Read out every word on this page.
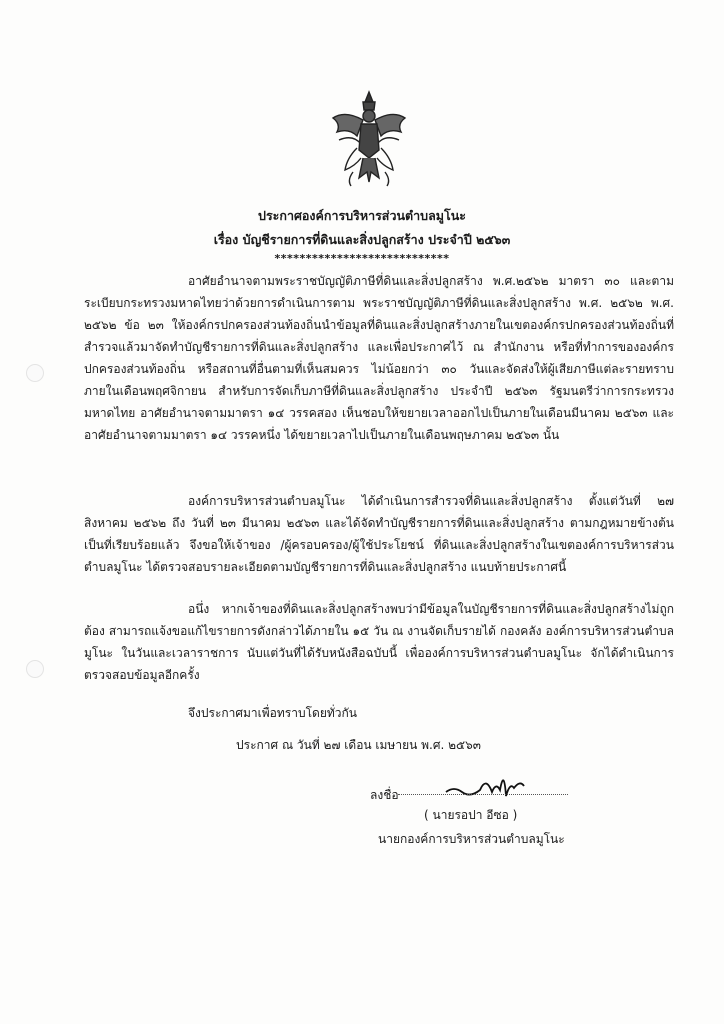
ประกาศองค์การบริหารส่วนตำบลมูโนะ
เรื่อง บัญชีรายการที่ดินและสิ่งปลูกสร้าง ประจำปี ๒๕๖๓
****************************

อาศัยอำนาจตามพระราชบัญญัติภาษีที่ดินและสิ่งปลูกสร้าง พ.ศ.๒๕๖๒ มาตรา ๓๐ และตามระเบียบกระทรวงมหาดไทยว่าด้วยการดำเนินการตาม พระราชบัญญัติภาษีที่ดินและสิ่งปลูกสร้าง พ.ศ. ๒๕๖๒ พ.ศ. ๒๕๖๒ ข้อ ๒๓ ให้องค์กรปกครองส่วนท้องถิ่นนำข้อมูลที่ดินและสิ่งปลูกสร้างภายในเขตองค์กรปกครองส่วนท้องถิ่นที่สำรวจแล้วมาจัดทำบัญชีรายการที่ดินและสิ่งปลูกสร้าง และเพื่อประกาศไว้ ณ สำนักงาน หรือที่ทำการขององค์กรปกครองส่วนท้องถิ่น หรือสถานที่อื่นตามที่เห็นสมควร ไม่น้อยกว่า ๓๐ วันและจัดส่งให้ผู้เสียภาษีแต่ละรายทราบภายในเดือนพฤศจิกายน สำหรับการจัดเก็บภาษีที่ดินและสิ่งปลูกสร้าง ประจำปี ๒๕๖๓ รัฐมนตรีว่าการกระทรวงมหาดไทย อาศัยอำนาจตามมาตรา ๑๔ วรรคสอง เห็นชอบให้ขยายเวลาออกไปเป็นภายในเดือนมีนาคม ๒๕๖๓ และอาศัยอำนาจตามมาตรา ๑๔ วรรคหนึ่ง ได้ขยายเวลาไปเป็นภายในเดือนพฤษภาคม ๒๕๖๓ นั้น

องค์การบริหารส่วนตำบลมูโนะ ได้ดำเนินการสำรวจที่ดินและสิ่งปลูกสร้าง ตั้งแต่วันที่ ๒๗ สิงหาคม ๒๕๖๒ ถึง วันที่ ๒๓ มีนาคม ๒๕๖๓ และได้จัดทำบัญชีรายการที่ดินและสิ่งปลูกสร้าง ตามกฎหมายข้างต้นเป็นที่เรียบร้อยแล้ว จึงขอให้เจ้าของ /ผู้ครอบครอง/ผู้ใช้ประโยชน์ ที่ดินและสิ่งปลูกสร้างในเขตองค์การบริหารส่วนตำบลมูโนะ ได้ตรวจสอบรายละเอียดตามบัญชีรายการที่ดินและสิ่งปลูกสร้าง แนบท้ายประกาศนี้

อนึ่ง หากเจ้าของที่ดินและสิ่งปลูกสร้างพบว่ามีข้อมูลในบัญชีรายการที่ดินและสิ่งปลูกสร้างไม่ถูกต้อง สามารถแจ้งขอแก้ไขรายการดังกล่าวได้ภายใน ๑๕ วัน ณ งานจัดเก็บรายได้ กองคลัง องค์การบริหารส่วนตำบลมูโนะ ในวันและเวลาราชการ นับแต่วันที่ได้รับหนังสือฉบับนี้ เพื่อองค์การบริหารส่วนตำบลมูโนะ จักได้ดำเนินการตรวจสอบข้อมูลอีกครั้ง

จึงประกาศมาเพื่อทราบโดยทั่วกัน
ประกาศ ณ วันที่ ๒๗ เดือน เมษายน พ.ศ. ๒๕๖๓
ลงชื่อ
( นายรอปา อีซอ )
นายกองค์การบริหารส่วนตำบลมูโนะ
